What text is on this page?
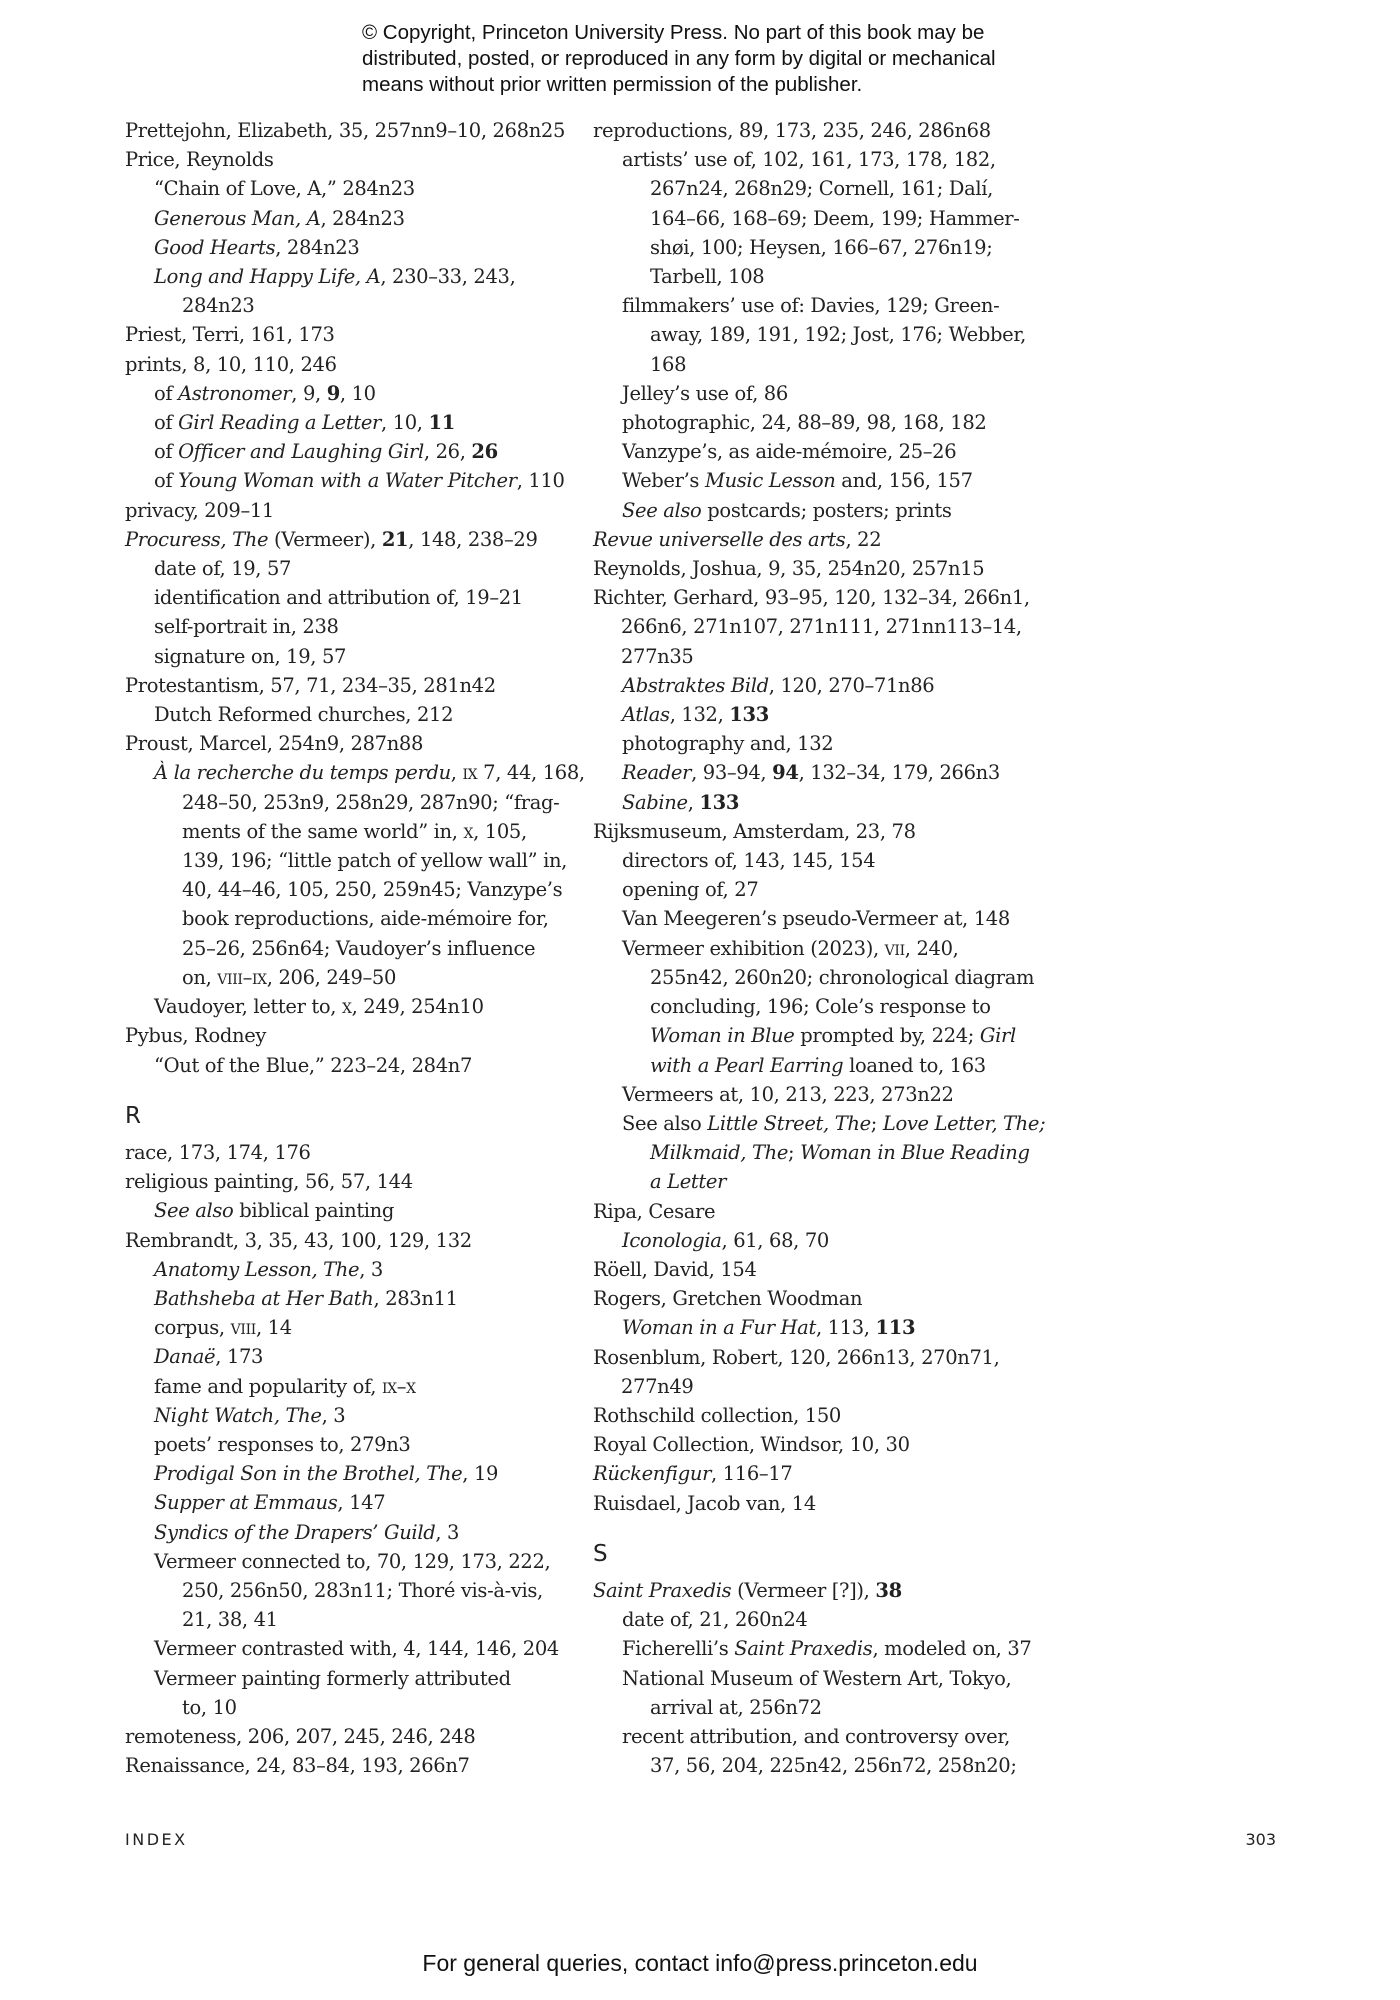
© Copyright, Princeton University Press. No part of this book may be distributed, posted, or reproduced in any form by digital or mechanical means without prior written permission of the publisher.
Prettejohn, Elizabeth, 35, 257nn9–10, 268n25
Price, Reynolds
“Chain of Love, A,” 284n23
Generous Man, A, 284n23
Good Hearts, 284n23
Long and Happy Life, A, 230–33, 243,
284n23
Priest, Terri, 161, 173
prints, 8, 10, 110, 246
of Astronomer, 9, 9, 10
of Girl Reading a Letter, 10, 11
of Officer and Laughing Girl, 26, 26
of Young Woman with a Water Pitcher, 110
privacy, 209–11
Procuress, The (Vermeer), 21, 148, 238–29
date of, 19, 57
identification and attribution of, 19–21
self-portrait in, 238
signature on, 19, 57
Protestantism, 57, 71, 234–35, 281n42
Dutch Reformed churches, 212
Proust, Marcel, 254n9, 287n88
À la recherche du temps perdu, ix 7, 44, 168,
248–50, 253n9, 258n29, 287n90; “frag-
ments of the same world” in, x, 105,
139, 196; “little patch of yellow wall” in,
40, 44–46, 105, 250, 259n45; Vanzype’s
book reproductions, aide-mémoire for,
25–26, 256n64; Vaudoyer’s influence
on, viii–ix, 206, 249–50
Vaudoyer, letter to, x, 249, 254n10
Pybus, Rodney
“Out of the Blue,” 223–24, 284n7
R
race, 173, 174, 176
religious painting, 56, 57, 144
See also biblical painting
Rembrandt, 3, 35, 43, 100, 129, 132
Anatomy Lesson, The, 3
Bathsheba at Her Bath, 283n11
corpus, viii, 14
Danaë, 173
fame and popularity of, ix–x
Night Watch, The, 3
poets’ responses to, 279n3
Prodigal Son in the Brothel, The, 19
Supper at Emmaus, 147
Syndics of the Drapers’ Guild, 3
Vermeer connected to, 70, 129, 173, 222,
250, 256n50, 283n11; Thoré vis-à-vis,
21, 38, 41
Vermeer contrasted with, 4, 144, 146, 204
Vermeer painting formerly attributed
to, 10
remoteness, 206, 207, 245, 246, 248
Renaissance, 24, 83–84, 193, 266n7
reproductions, 89, 173, 235, 246, 286n68
artists’ use of, 102, 161, 173, 178, 182,
267n24, 268n29; Cornell, 161; Dalí,
164–66, 168–69; Deem, 199; Hammer-
shøi, 100; Heysen, 166–67, 276n19;
Tarbell, 108
filmmakers’ use of: Davies, 129; Green-
away, 189, 191, 192; Jost, 176; Webber,
168
Jelley’s use of, 86
photographic, 24, 88–89, 98, 168, 182
Vanzype’s, as aide-mémoire, 25–26
Weber’s Music Lesson and, 156, 157
See also postcards; posters; prints
Revue universelle des arts, 22
Reynolds, Joshua, 9, 35, 254n20, 257n15
Richter, Gerhard, 93–95, 120, 132–34, 266n1,
266n6, 271n107, 271n111, 271nn113–14,
277n35
Abstraktes Bild, 120, 270–71n86
Atlas, 132, 133
photography and, 132
Reader, 93–94, 94, 132–34, 179, 266n3
Sabine, 133
Rijksmuseum, Amsterdam, 23, 78
directors of, 143, 145, 154
opening of, 27
Van Meegeren’s pseudo-Vermeer at, 148
Vermeer exhibition (2023), vii, 240,
255n42, 260n20; chronological diagram
concluding, 196; Cole’s response to
Woman in Blue prompted by, 224; Girl
with a Pearl Earring loaned to, 163
Vermeers at, 10, 213, 223, 273n22
See also Little Street, The; Love Letter, The;
Milkmaid, The; Woman in Blue Reading
a Letter
Ripa, Cesare
Iconologia, 61, 68, 70
Röell, David, 154
Rogers, Gretchen Woodman
Woman in a Fur Hat, 113, 113
Rosenblum, Robert, 120, 266n13, 270n71,
277n49
Rothschild collection, 150
Royal Collection, Windsor, 10, 30
Rückenfigur, 116–17
Ruisdael, Jacob van, 14
S
Saint Praxedis (Vermeer [?]), 38
date of, 21, 260n24
Ficherelli’s Saint Praxedis, modeled on, 37
National Museum of Western Art, Tokyo,
arrival at, 256n72
recent attribution, and controversy over,
37, 56, 204, 225n42, 256n72, 258n20;
INDEX	303
For general queries, contact info@press.princeton.edu
